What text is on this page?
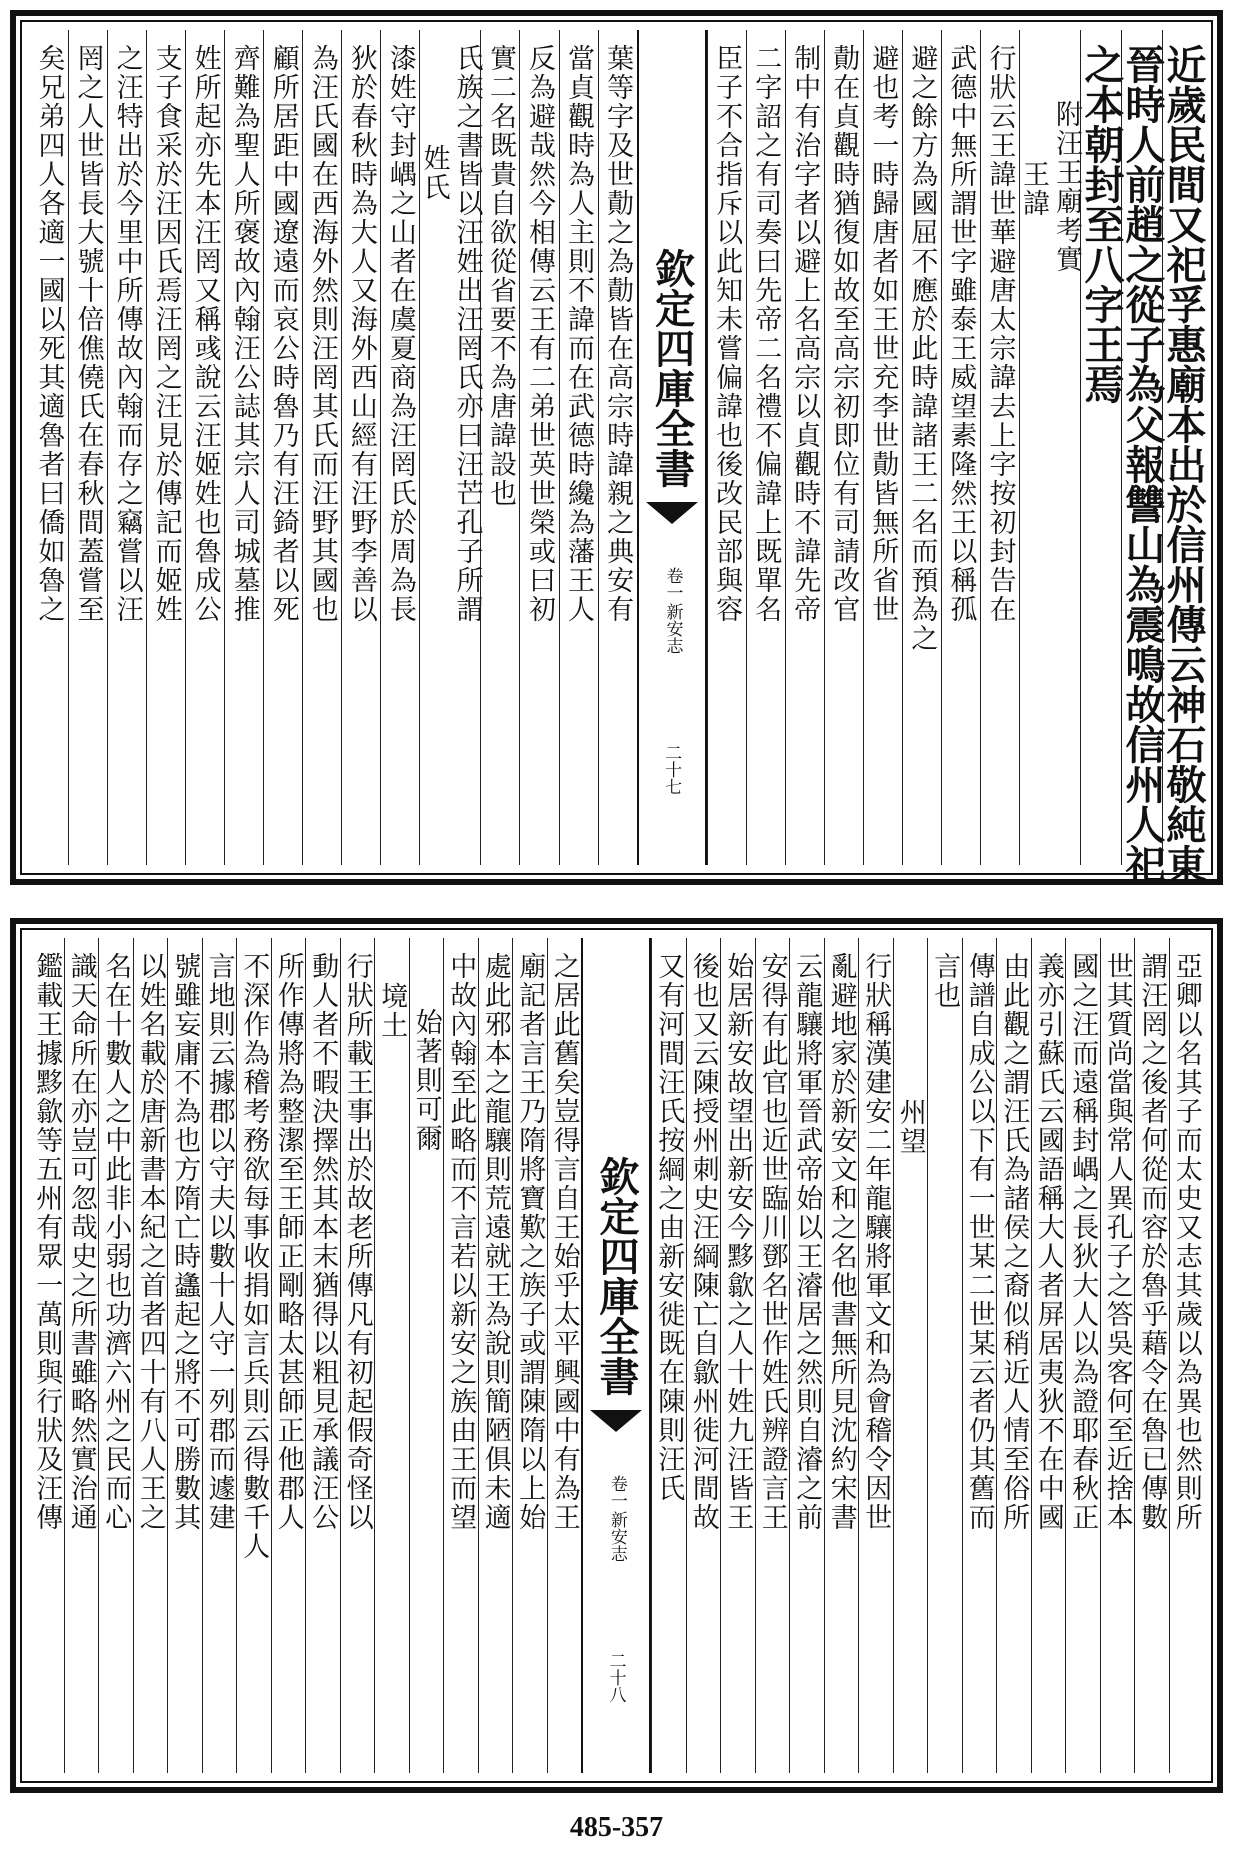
近歲民間又祀孚惠廟本出於信州傳云神石敬純東
晉時人前趙之從子為父報讐山為震鳴故信州人祀
之本朝封至八字王焉
附汪王廟考實
王諱
行狀云王諱世華避唐太宗諱去上字按初封告在
武德中無所謂世字雖泰王威望素隆然王以稱孤
避之餘方為國屈不應於此時諱諸王二名而預為之
避也考一時歸唐者如王世充李世勣皆無所省世
勣在貞觀時猶復如故至高宗初即位有司請改官
制中有治字者以避上名高宗以貞觀時不諱先帝
二字詔之有司奏曰先帝二名禮不偏諱上既單名
臣子不合指斥以此知未嘗偏諱也後改民部與容
欽定四庫全書
新安志
卷一
二十七
葉等字及世勣之為勣皆在高宗時諱親之典安有
當貞觀時為人主則不諱而在武德時纔為藩王人
反為避哉然今相傳云王有二弟世英世榮或曰初
實二名既貴自欲從省要不為唐諱設也
氏族之書皆以汪姓出汪罔氏亦曰汪芒孔子所謂
姓氏
漆姓守封嵎之山者在虞夏商為汪罔氏於周為長
狄於春秋時為大人又海外西山經有汪野李善以
為汪氏國在西海外然則汪罔其氏而汪野其國也
顧所居距中國遼遠而哀公時魯乃有汪錡者以死
齊難為聖人所褒故內翰汪公誌其宗人司城墓推
姓所起亦先本汪罔又稱彧說云汪姬姓也魯成公
支子食采於汪因氏焉汪罔之汪見於傳記而姬姓
之汪特出於今里中所傳故內翰而存之竊嘗以汪
罔之人世皆長大號十倍僬僥氏在春秋間蓋嘗至
矣兄弟四人各適一國以死其適魯者曰僑如魯之
亞卿以名其子而太史又志其歲以為異也然則所
謂汪罔之後者何從而容於魯乎藉令在魯已傳數
世其質尚當與常人異孔子之答吳客何至近捨本
國之汪而遠稱封嵎之長狄大人以為證耶春秋正
義亦引蘇氏云國語稱大人者屏居夷狄不在中國
由此觀之謂汪氏為諸侯之裔似稍近人情至俗所
傳譜自成公以下有一世某二世某云者仍其舊而
言也
州望
行狀稱漢建安二年龍驤將軍文和為會稽令因世
亂避地家於新安文和之名他書無所見沈約宋書
云龍驤將軍晉武帝始以王濬居之然則自濬之前
安得有此官也近世臨川鄧名世作姓氏辨證言王
始居新安故望出新安今黟歙之人十姓九汪皆王
後也又云陳授州刺史汪綱陳亡自歙州徙河間故
又有河間汪氏按綱之由新安徙既在陳則汪氏
欽定四庫全書
新安志
卷一
二十八
之居此舊矣豈得言自王始乎太平興國中有為王
廟記者言王乃隋將寶歎之族子或謂陳隋以上始
處此邪本之龍驤則荒遠就王為說則簡陋俱未適
中故內翰至此略而不言若以新安之族由王而望
始著則可爾
境土
行狀所載王事出於故老所傳凡有初起假奇怪以
動人者不暇決擇然其本末猶得以粗見承議汪公
所作傳將為整潔至王師正剛略太甚師正他郡人
不深作為稽考務欲每事收捐如言兵則云得數千人
言地則云據郡以守夫以數十人守一列郡而遽建
號雖妄庸不為也方隋亡時蠭起之將不可勝數其
以姓名載於唐新書本紀之首者四十有八人王之
名在十數人之中此非小弱也功濟六州之民而心
識天命所在亦豈可忽哉史之所書雖略然實治通
鑑載王據黟歙等五州有眾一萬則與行狀及汪傳
485-357
